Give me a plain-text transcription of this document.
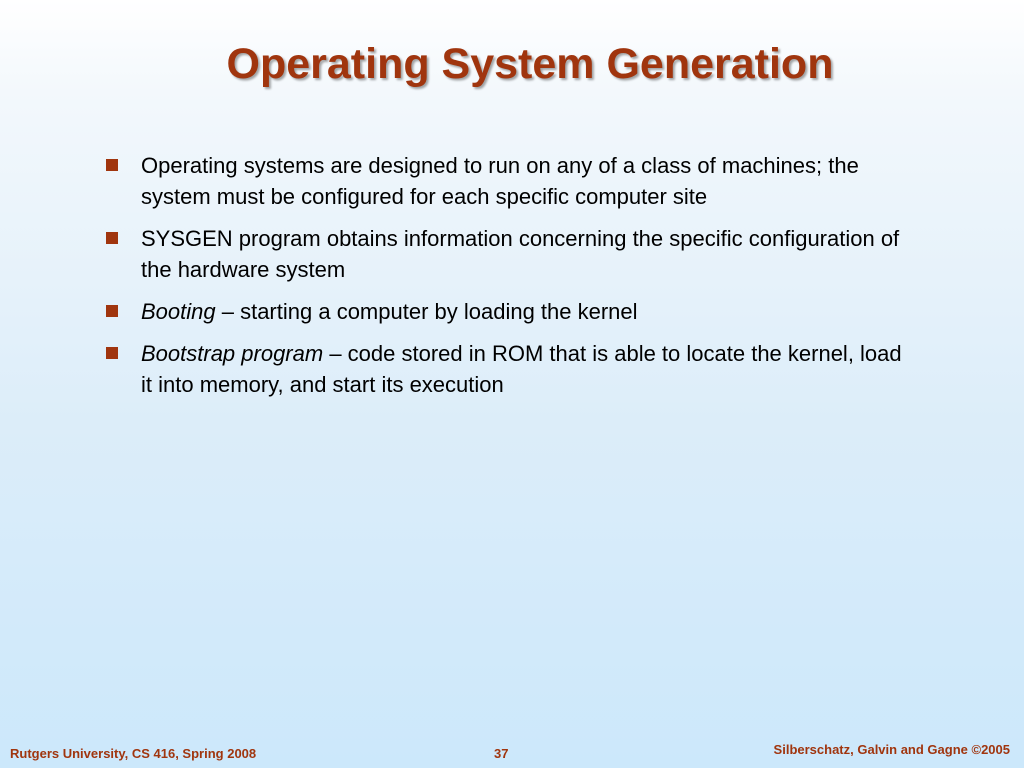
Operating System Generation
Operating systems are designed to run on any of a class of machines; the system must be configured for each specific computer site
SYSGEN program obtains information concerning the specific configuration of the hardware system
Booting – starting a computer by loading the kernel
Bootstrap program – code stored in ROM that is able to locate the kernel, load it into memory, and start its execution
Rutgers University, CS 416, Spring 2008	37	Silberschatz, Galvin and Gagne ©2005
